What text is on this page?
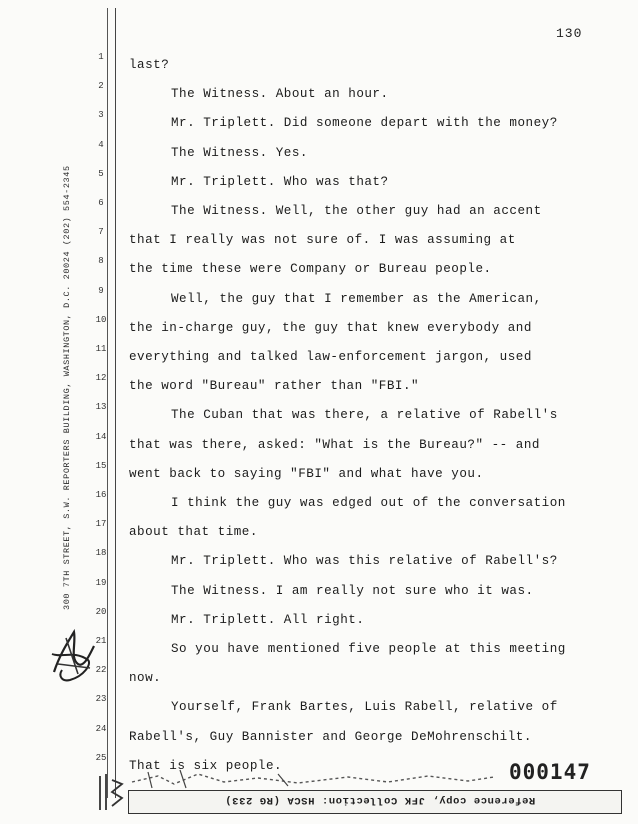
130
300 7TH STREET, S.W. REPORTERS BUILDING, WASHINGTON, D.C. 20024 (202) 554-2345
1
2
3
4
5
6
7
8
9
10
11
12
13
14
15
16
17
18
19
20
21
22
23
24
25
last?
The Witness. About an hour.
Mr. Triplett. Did someone depart with the money?
The Witness. Yes.
Mr. Triplett. Who was that?
The Witness. Well, the other guy had an accent
that I really was not sure of. I was assuming at
the time these were Company or Bureau people.
Well, the guy that I remember as the American,
the in-charge guy, the guy that knew everybody and
everything and talked law-enforcement jargon, used
the word "Bureau" rather than "FBI."
The Cuban that was there, a relative of Rabell's
that was there, asked: "What is the Bureau?" -- and
went back to saying "FBI" and what have you.
I think the guy was edged out of the conversation
about that time.
Mr. Triplett. Who was this relative of Rabell's?
The Witness. I am really not sure who it was.
Mr. Triplett. All right.
So you have mentioned five people at this meeting
now.
Yourself, Frank Bartes, Luis Rabell, relative of
Rabell's, Guy Bannister and George DeMohrenschilt.
That is six people.	000147
Reference copy, JFK Collection: HSCA (RG 233)
